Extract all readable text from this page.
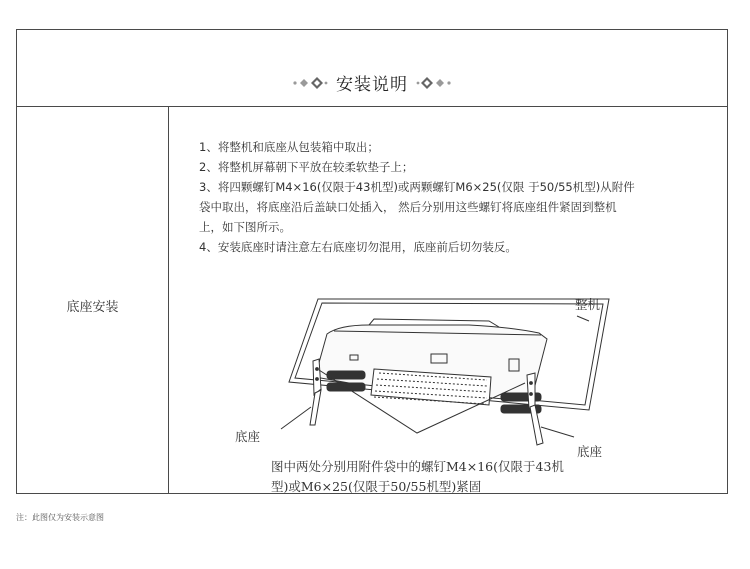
安装说明
底座安装
1、将整机和底座从包装箱中取出；
2、将整机屏幕朝下平放在较柔软垫子上；
3、将四颗螺钉M4×16(仅限于43机型)或两颗螺钉M6×25(仅限 于50/55机型)从附件袋中取出，将底座沿后盖缺口处插入， 然后分别用这些螺钉将底座组件紧固到整机上，如下图所示。
4、安装底座时请注意左右底座切勿混用，底座前后切勿装反。
整机
底座
底座
图中两处分别用附件袋中的螺钉M4×16(仅限于43机型)或M6×25(仅限于50/55机型)紧固
注：此图仅为安装示意图
